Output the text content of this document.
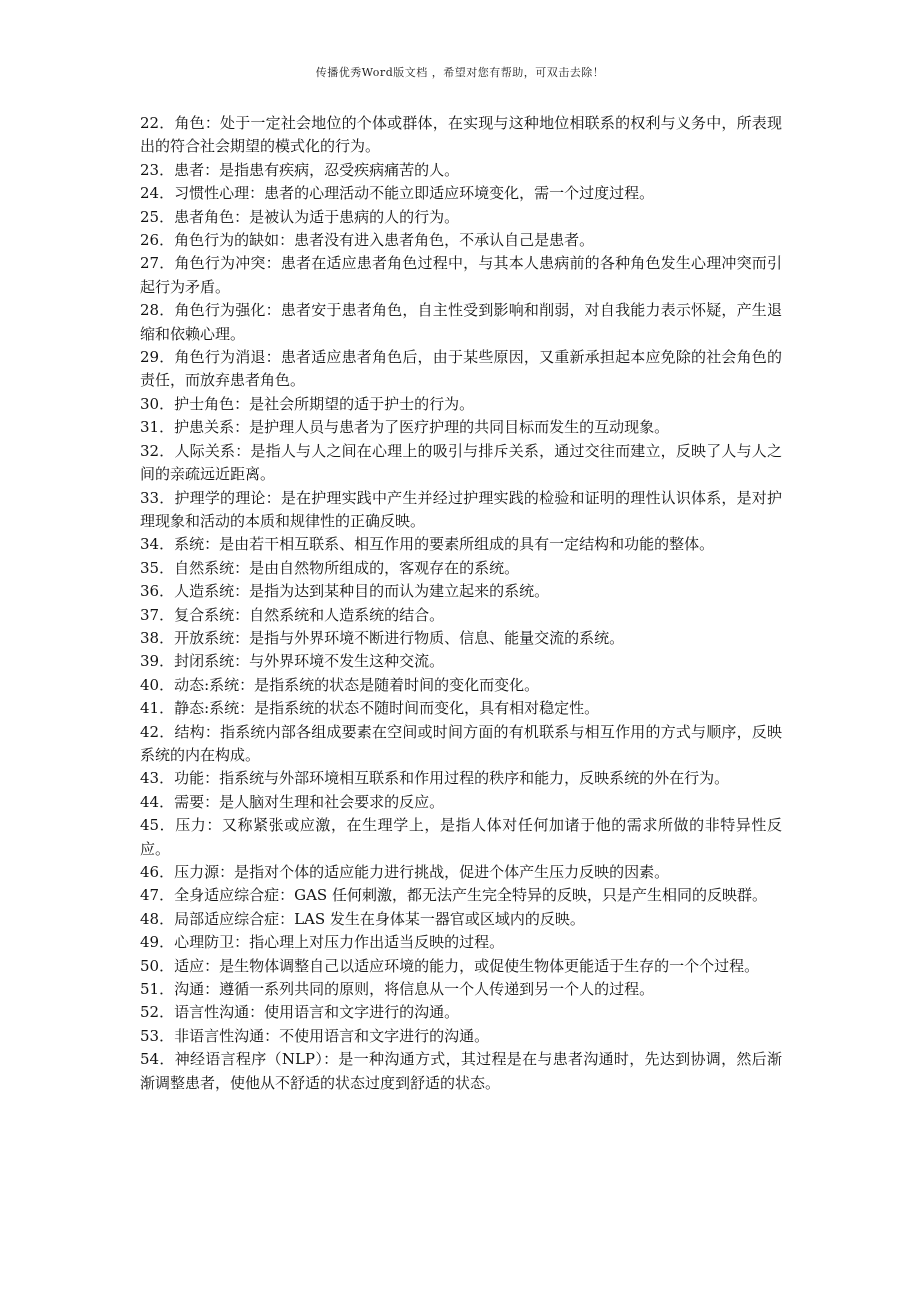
传播优秀Word版文档 ，希望对您有帮助，可双击去除！

22．角色：处于一定社会地位的个体或群体，在实现与这种地位相联系的权利与义务中，所表现出的符合社会期望的模式化的行为。

23．患者：是指患有疾病，忍受疾病痛苦的人。

24．习惯性心理：患者的心理活动不能立即适应环境变化，需一个过度过程。

25．患者角色：是被认为适于患病的人的行为。

26．角色行为的缺如：患者没有进入患者角色，不承认自己是患者。

27．角色行为冲突：患者在适应患者角色过程中，与其本人患病前的各种角色发生心理冲突而引起行为矛盾。

28．角色行为强化：患者安于患者角色，自主性受到影响和削弱，对自我能力表示怀疑，产生退缩和依赖心理。

29．角色行为消退：患者适应患者角色后，由于某些原因，又重新承担起本应免除的社会角色的责任，而放弃患者角色。

30．护士角色：是社会所期望的适于护士的行为。

31．护患关系：是护理人员与患者为了医疗护理的共同目标而发生的互动现象。

32．人际关系：是指人与人之间在心理上的吸引与排斥关系，通过交往而建立，反映了人与人之间的亲疏远近距离。

33．护理学的理论：是在护理实践中产生并经过护理实践的检验和证明的理性认识体系，是对护理现象和活动的本质和规律性的正确反映。

34．系统：是由若干相互联系、相互作用的要素所组成的具有一定结构和功能的整体。

35．自然系统：是由自然物所组成的，客观存在的系统。

36．人造系统：是指为达到某种目的而认为建立起来的系统。

37．复合系统：自然系统和人造系统的结合。

38．开放系统：是指与外界环境不断进行物质、信息、能量交流的系统。

39．封闭系统：与外界环境不发生这种交流。

40．动态:系统：是指系统的状态是随着时间的变化而变化。

41．静态:系统：是指系统的状态不随时间而变化，具有相对稳定性。

42．结构：指系统内部各组成要素在空间或时间方面的有机联系与相互作用的方式与顺序，反映系统的内在构成。

43．功能：指系统与外部环境相互联系和作用过程的秩序和能力，反映系统的外在行为。

44．需要：是人脑对生理和社会要求的反应。

45．压力：又称紧张或应激，在生理学上，是指人体对任何加诸于他的需求所做的非特异性反应。

46．压力源：是指对个体的适应能力进行挑战，促进个体产生压力反映的因素。

47．全身适应综合症：GAS 任何刺激，都无法产生完全特异的反映，只是产生相同的反映群。

48．局部适应综合症：LAS 发生在身体某一器官或区域内的反映。

49．心理防卫：指心理上对压力作出适当反映的过程。

50．适应：是生物体调整自己以适应环境的能力，或促使生物体更能适于生存的一个个过程。

51．沟通：遵循一系列共同的原则，将信息从一个人传递到另一个人的过程。

52．语言性沟通：使用语言和文字进行的沟通。

53．非语言性沟通：不使用语言和文字进行的沟通。

54．神经语言程序（NLP）：是一种沟通方式，其过程是在与患者沟通时，先达到协调，然后渐渐调整患者，使他从不舒适的状态过度到舒适的状态。
